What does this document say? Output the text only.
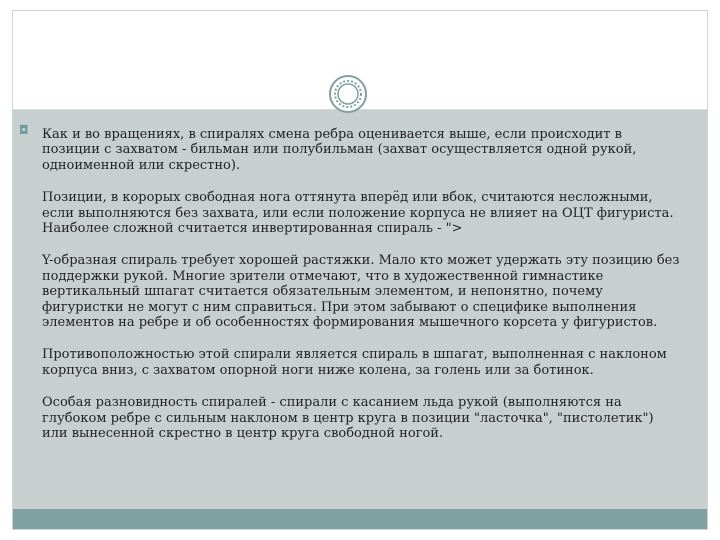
◘ Как и во вращениях, в спиралях смена ребра оценивается выше, если происходит в позиции с захватом - бильман или полубильман (захват осуществляется одной рукой, одноименной или скрестно).

Позиции, в корорых свободная нога оттянута вперёд или вбок, считаются несложными, если выполняются без захвата, или если положение корпуса не влияет на ОЦТ фигуриста. Наиболее сложной считается инвертированная спираль - ">

Y-образная спираль требует хорошей растяжки. Мало кто может удержать эту позицию без поддержки рукой. Многие зрители отмечают, что в художественной гимнастике вертикальный шпагат считается обязательным элементом, и непонятно, почему фигуристки не могут с ним справиться. При этом забывают о специфике выполнения элементов на ребре и об особенностях формирования мышечного корсета у фигуристов.

Противоположностью этой спирали является спираль в шпагат, выполненная с наклоном корпуса вниз, с захватом опорной ноги ниже колена, за голень или за ботинок.

Особая разновидность спиралей - спирали с касанием льда рукой (выполняются на глубоком ребре с сильным наклоном в центр круга в позиции "ласточка", "пистолетик") или вынесенной скрестно в центр круга свободной ногой.
